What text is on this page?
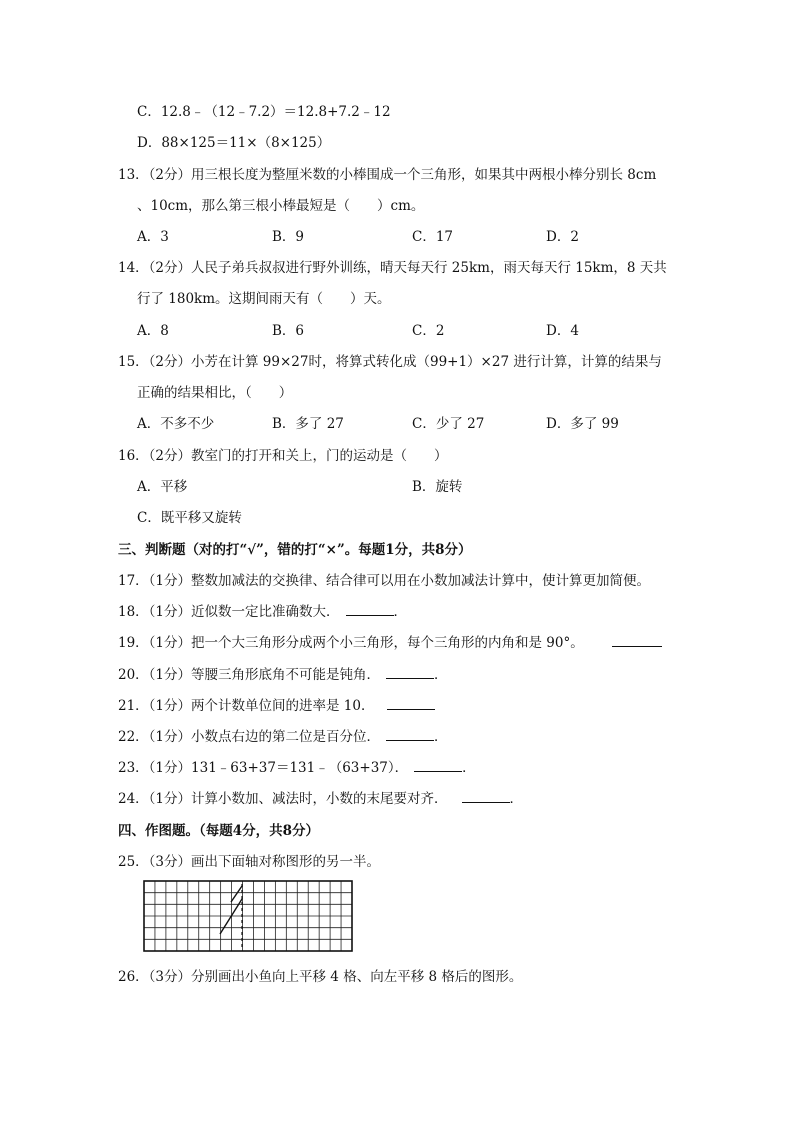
C．12.8﹣（12﹣7.2）＝12.8+7.2﹣12
D．88×125＝11×（8×125）
13．（2分）用三根长度为整厘米数的小棒围成一个三角形，如果其中两根小棒分别长 8cm
、10cm，那么第三根小棒最短是（　　）cm。
A．3	B．9	C．17	D．2
14．（2分）人民子弟兵叔叔进行野外训练，晴天每天行 25km，雨天每天行 15km，8 天共
行了 180km。这期间雨天有（　　）天。
A．8	B．6	C．2	D．4
15．（2分）小芳在计算 99×27时，将算式转化成（99+1）×27 进行计算，计算的结果与
正确的结果相比，（　　）
A．不多不少	B．多了 27	C．少了 27	D．多了 99
16．（2分）教室门的打开和关上，门的运动是（　　）
A．平移	B．旋转
C．既平移又旋转
三、判断题（对的打“√”，错的打“×”。每题1分，共8分）
17．（1分）整数加减法的交换律、结合律可以用在小数加减法计算中，使计算更加简便。
18．（1分）近似数一定比准确数大．	．
19．（1分）把一个大三角形分成两个小三角形，每个三角形的内角和是 90°。
20．（1分）等腰三角形底角不可能是钝角．	．
21．（1分）两个计数单位间的进率是 10．
22．（1分）小数点右边的第二位是百分位．	．
23．（1分）131﹣63+37＝131﹣（63+37）．	．
24．（1分）计算小数加、减法时，小数的末尾要对齐．	．
四、作图题。（每题4分，共8分）
25．（3分）画出下面轴对称图形的另一半。
26．（3分）分别画出小鱼向上平移 4 格、向左平移 8 格后的图形。
